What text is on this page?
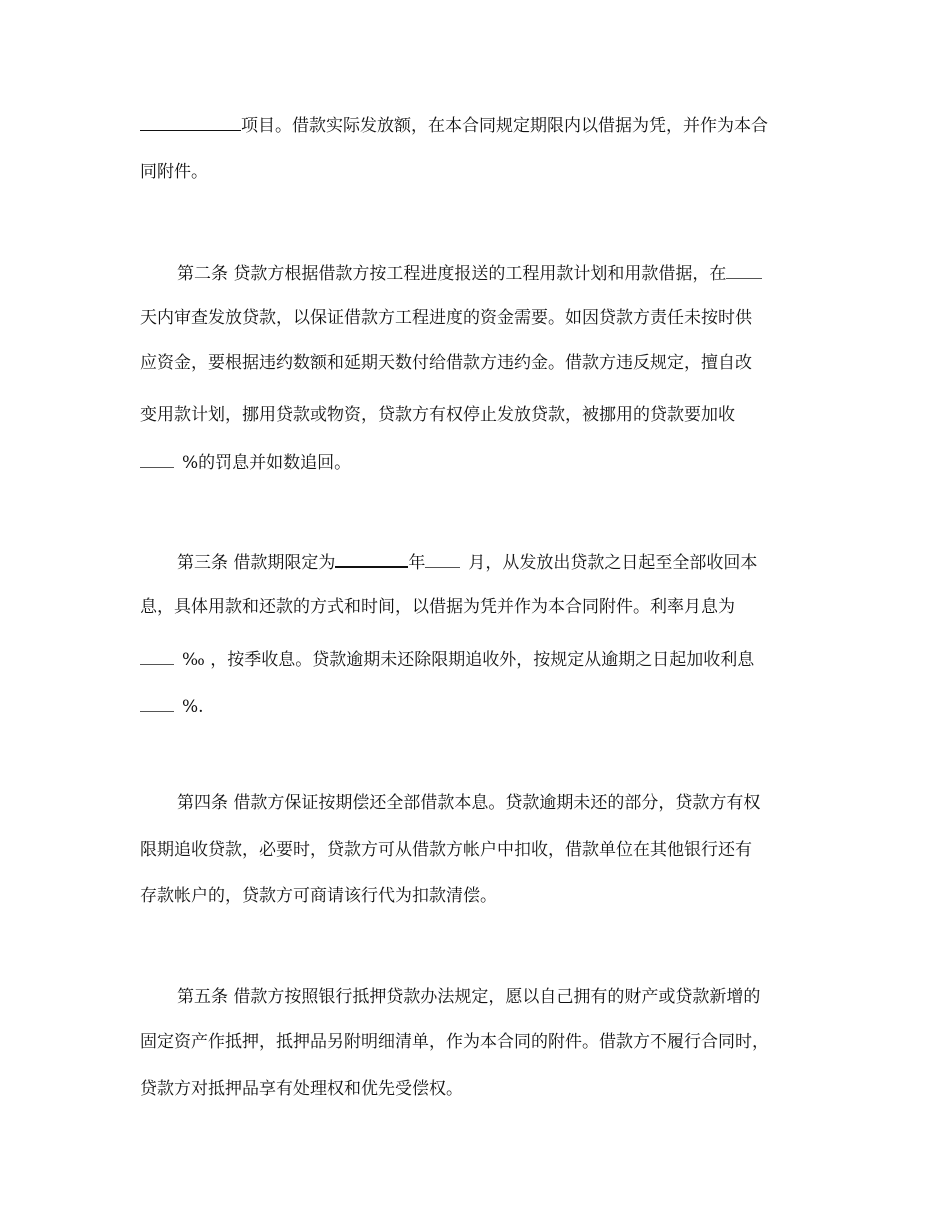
项目。借款实际发放额，在本合同规定期限内以借据为凭，并作为本合
同附件。
第二条 贷款方根据借款方按工程进度报送的工程用款计划和用款借据，在
天内审查发放贷款，以保证借款方工程进度的资金需要。如因贷款方责任未按时供
应资金，要根据违约数额和延期天数付给借款方违约金。借款方违反规定，擅自改
变用款计划，挪用贷款或物资，贷款方有权停止发放贷款，被挪用的贷款要加收
%的罚息并如数追回。
第三条 借款期限定为	年	月，从发放出贷款之日起至全部收回本
息，具体用款和还款的方式和时间，以借据为凭并作为本合同附件。利率月息为
‰ ，按季收息。贷款逾期未还除限期追收外，按规定从逾期之日起加收利息
%.
第四条 借款方保证按期偿还全部借款本息。贷款逾期未还的部分，贷款方有权
限期追收贷款，必要时，贷款方可从借款方帐户中扣收，借款单位在其他银行还有
存款帐户的，贷款方可商请该行代为扣款清偿。
第五条 借款方按照银行抵押贷款办法规定，愿以自己拥有的财产或贷款新增的
固定资产作抵押，抵押品另附明细清单，作为本合同的附件。借款方不履行合同时，
贷款方对抵押品享有处理权和优先受偿权。
